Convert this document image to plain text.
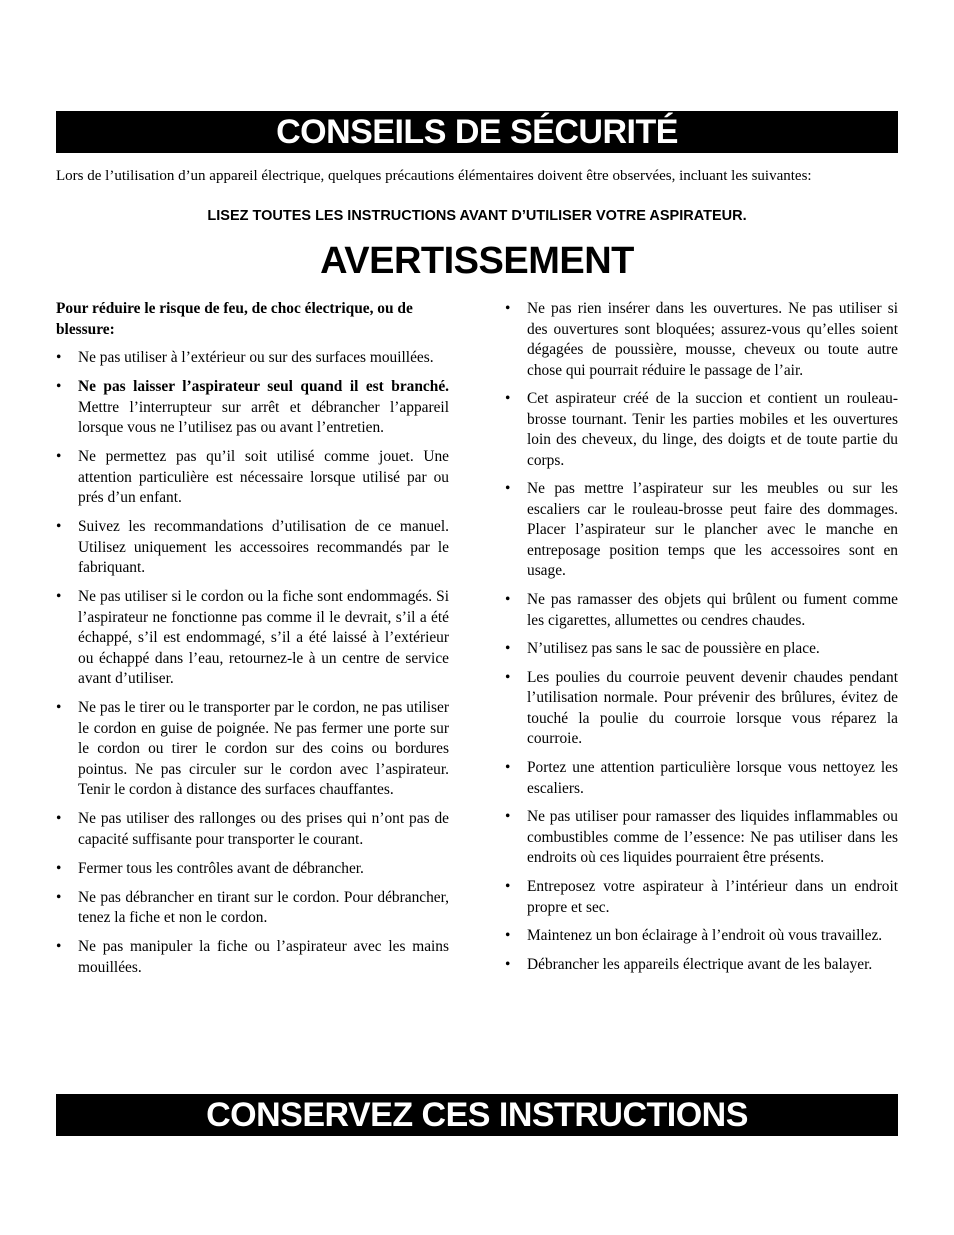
CONSEILS DE SÉCURITÉ

Lors de l’utilisation d’un appareil électrique, quelques précautions élémentaires doivent être observées, incluant les suivantes:

LISEZ TOUTES LES INSTRUCTIONS AVANT D’UTILISER VOTRE ASPIRATEUR.

AVERTISSEMENT

Pour réduire le risque de feu, de choc électrique, ou de blessure:

• Ne pas utiliser à l’extérieur ou sur des surfaces mouillées.
• Ne pas laisser l’aspirateur seul quand il est branché. Mettre l’interrupteur sur arrêt et débrancher l’appareil lorsque vous ne l’utilisez pas ou avant l’entretien.
• Ne permettez pas qu’il soit utilisé comme jouet. Une attention particulière est nécessaire lorsque utilisé par ou prés d’un enfant.
• Suivez les recommandations d’utilisation de ce manuel. Utilisez uniquement les accessoires recommandés par le fabriquant.
• Ne pas utiliser si le cordon ou la fiche sont endommagés. Si l’aspirateur ne fonctionne pas comme il le devrait, s’il a été échappé, s’il est endommagé, s’il a été laissé à l’extérieur ou échappé dans l’eau, retournez-le à un centre de service avant d’utiliser.
• Ne pas le tirer ou le transporter par le cordon, ne pas utiliser le cordon en guise de poignée. Ne pas fermer une porte sur le cordon ou tirer le cordon sur des coins ou bordures pointus. Ne pas circuler sur le cordon avec l’aspirateur. Tenir le cordon à distance des surfaces chauffantes.
• Ne pas utiliser des rallonges ou des prises qui n’ont pas de capacité suffisante pour transporter le courant.
• Fermer tous les contrôles avant de débrancher.
• Ne pas débrancher en tirant sur le cordon. Pour débrancher, tenez la fiche et non le cordon.
• Ne pas manipuler la fiche ou l’aspirateur avec les mains mouillées.
• Ne pas rien insérer dans les ouvertures. Ne pas utiliser si des ouvertures sont bloquées; assurez-vous qu’elles soient dégagées de poussière, mousse, cheveux ou toute autre chose qui pourrait réduire le passage de l’air.
• Cet aspirateur créé de la succion et contient un rouleau-brosse tournant. Tenir les parties mobiles et les ouvertures loin des cheveux, du linge, des doigts et de toute partie du corps.
• Ne pas mettre l’aspirateur sur les meubles ou sur les escaliers car le rouleau-brosse peut faire des dommages. Placer l’aspirateur sur le plancher avec le manche en entreposage position temps que les accessoires sont en usage.
• Ne pas ramasser des objets qui brûlent ou fument comme les cigarettes, allumettes ou cendres chaudes.
• N’utilisez pas sans le sac de poussière en place.
• Les poulies du courroie peuvent devenir chaudes pendant l’utilisation normale. Pour prévenir des brûlures, évitez de touché la poulie du courroie lorsque vous réparez la courroie.
• Portez une attention particulière lorsque vous nettoyez les escaliers.
• Ne pas utiliser pour ramasser des liquides inflammables ou combustibles comme de l’essence: Ne pas utiliser dans les endroits où ces liquides pourraient être présents.
• Entreposez votre aspirateur à l’intérieur dans un endroit propre et sec.
• Maintenez un bon éclairage à l’endroit où vous travaillez.
• Débrancher les appareils électrique avant de les balayer.
CONSERVEZ CES INSTRUCTIONS
